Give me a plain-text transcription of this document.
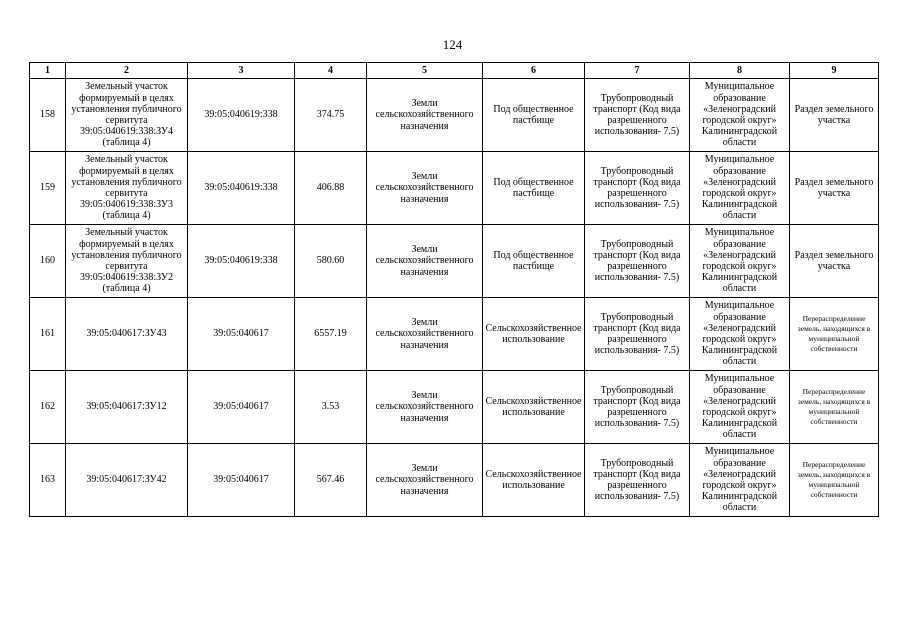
124
1	2	3	4	5	6	7	8	9
158	Земельный участок формируемый в целях установления публичного сервитута 39:05:040619:338:ЗУ4 (таблица 4)	39:05:040619:338	374.75	Земли сельскохозяйственного назначения	Под общественное пастбище	Трубопроводный транспорт (Код вида разрешенного использования- 7.5)	Муниципальное образование «Зеленоградский городской округ» Калининградской области	Раздел земельного участка
159	Земельный участок формируемый в целях установления публичного сервитута 39:05:040619:338:ЗУ3 (таблица 4)	39:05:040619:338	406.88	Земли сельскохозяйственного назначения	Под общественное пастбище	Трубопроводный транспорт (Код вида разрешенного использования- 7.5)	Муниципальное образование «Зеленоградский городской округ» Калининградской области	Раздел земельного участка
160	Земельный участок формируемый в целях установления публичного сервитута 39:05:040619:338:ЗУ2 (таблица 4)	39:05:040619:338	580.60	Земли сельскохозяйственного назначения	Под общественное пастбище	Трубопроводный транспорт (Код вида разрешенного использования- 7.5)	Муниципальное образование «Зеленоградский городской округ» Калининградской области	Раздел земельного участка
161	39:05:040617:ЗУ43	39:05:040617	6557.19	Земли сельскохозяйственного назначения	Сельскохозяйственное использование	Трубопроводный транспорт (Код вида разрешенного использования- 7.5)	Муниципальное образование «Зеленоградский городской округ» Калининградской области	Перераспределение земель, находящихся в муниципальной собственности
162	39:05:040617:ЗУ12	39:05:040617	3.53	Земли сельскохозяйственного назначения	Сельскохозяйственное использование	Трубопроводный транспорт (Код вида разрешенного использования- 7.5)	Муниципальное образование «Зеленоградский городской округ» Калининградской области	Перераспределение земель, находящихся в муниципальной собственности
163	39:05:040617:ЗУ42	39:05:040617	567.46	Земли сельскохозяйственного назначения	Сельскохозяйственное использование	Трубопроводный транспорт (Код вида разрешенного использования- 7.5)	Муниципальное образование «Зеленоградский городской округ» Калининградской области	Перераспределение земель, находящихся в муниципальной собственности
